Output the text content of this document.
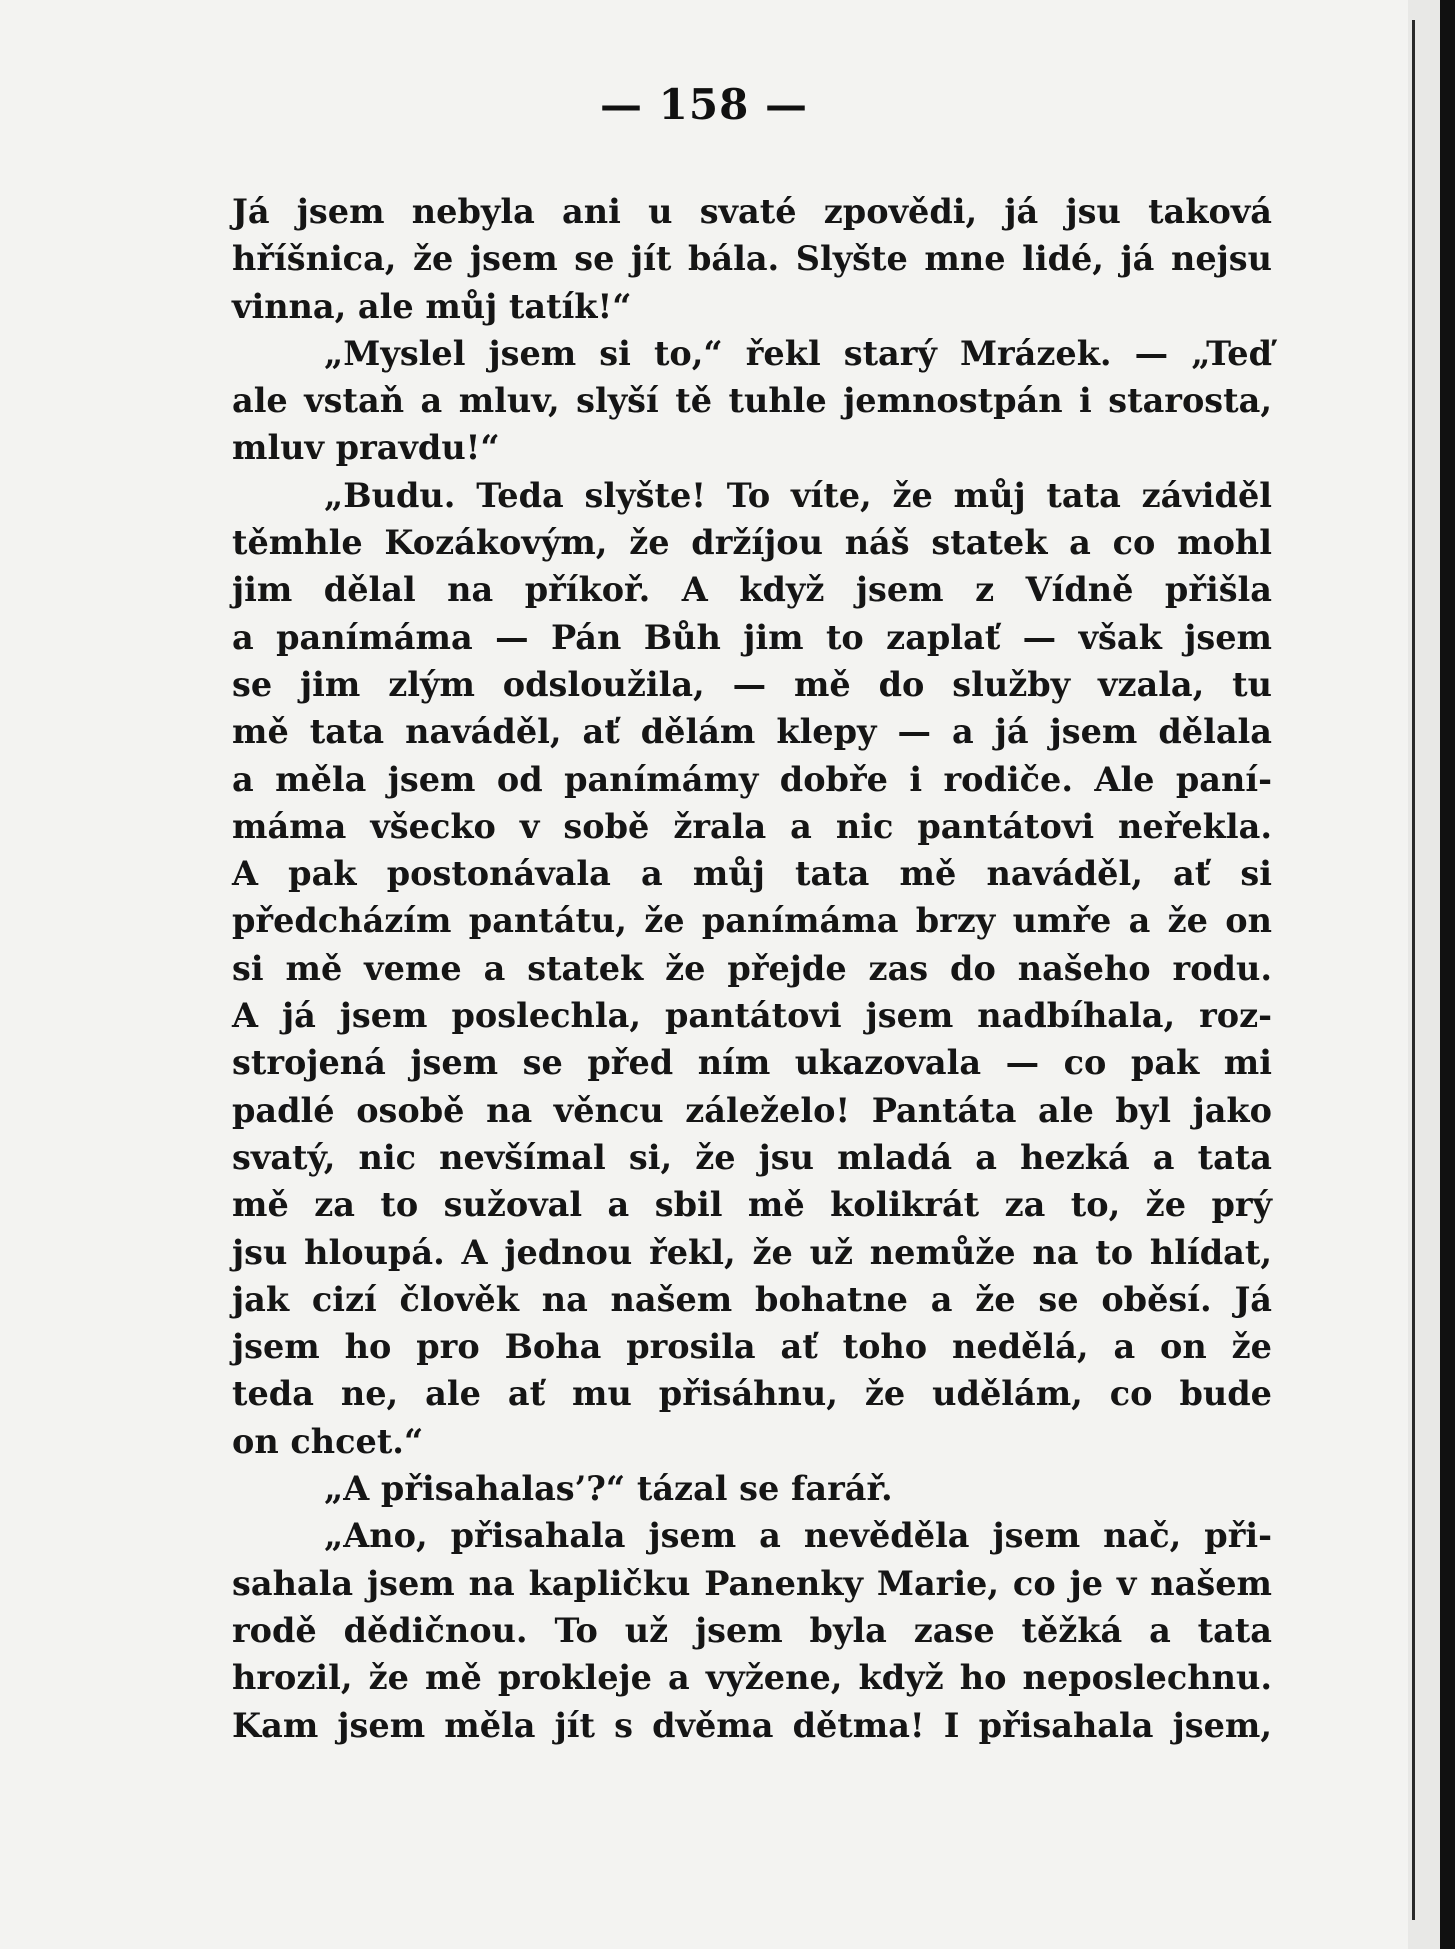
— 158 —
Já jsem nebyla ani u svaté zpovědi, já jsu taková
hříšnica, že jsem se jít bála. Slyšte mne lidé, já nejsu
vinna, ale můj tatík!“
„Myslel jsem si to,“ řekl starý Mrázek. — „Teď
ale vstaň a mluv, slyší tě tuhle jemnostpán i starosta,
mluv pravdu!“
„Budu. Teda slyšte! To víte, že můj tata záviděl
těmhle Kozákovým, že držíjou náš statek a co mohl
jim dělal na příkoř. A když jsem z Vídně přišla
a panímáma — Pán Bůh jim to zaplať — však jsem
se jim zlým odsloužila, — mě do služby vzala, tu
mě tata naváděl, ať dělám klepy — a já jsem dělala
a měla jsem od panímámy dobře i rodiče. Ale paní-
máma všecko v sobě žrala a nic pantátovi neřekla.
A pak postonávala a můj tata mě naváděl, ať si
předcházím pantátu, že panímáma brzy umře a že on
si mě veme a statek že přejde zas do našeho rodu.
A já jsem poslechla, pantátovi jsem nadbíhala, roz-
strojená jsem se před ním ukazovala — co pak mi
padlé osobě na věncu záleželo! Pantáta ale byl jako
svatý, nic nevšímal si, že jsu mladá a hezká a tata
mě za to sužoval a sbil mě kolikrát za to, že prý
jsu hloupá. A jednou řekl, že už nemůže na to hlídat,
jak cizí člověk na našem bohatne a že se oběsí. Já
jsem ho pro Boha prosila ať toho nedělá, a on že
teda ne, ale ať mu přisáhnu, že udělám, co bude
on chcet.“
„A přisahalas’?“ tázal se farář.
„Ano, přisahala jsem a nevěděla jsem nač, při-
sahala jsem na kapličku Panenky Marie, co je v našem
rodě dědičnou. To už jsem byla zase těžká a tata
hrozil, že mě prokleje a vyžene, když ho neposlechnu.
Kam jsem měla jít s dvěma dětma! I přisahala jsem,
